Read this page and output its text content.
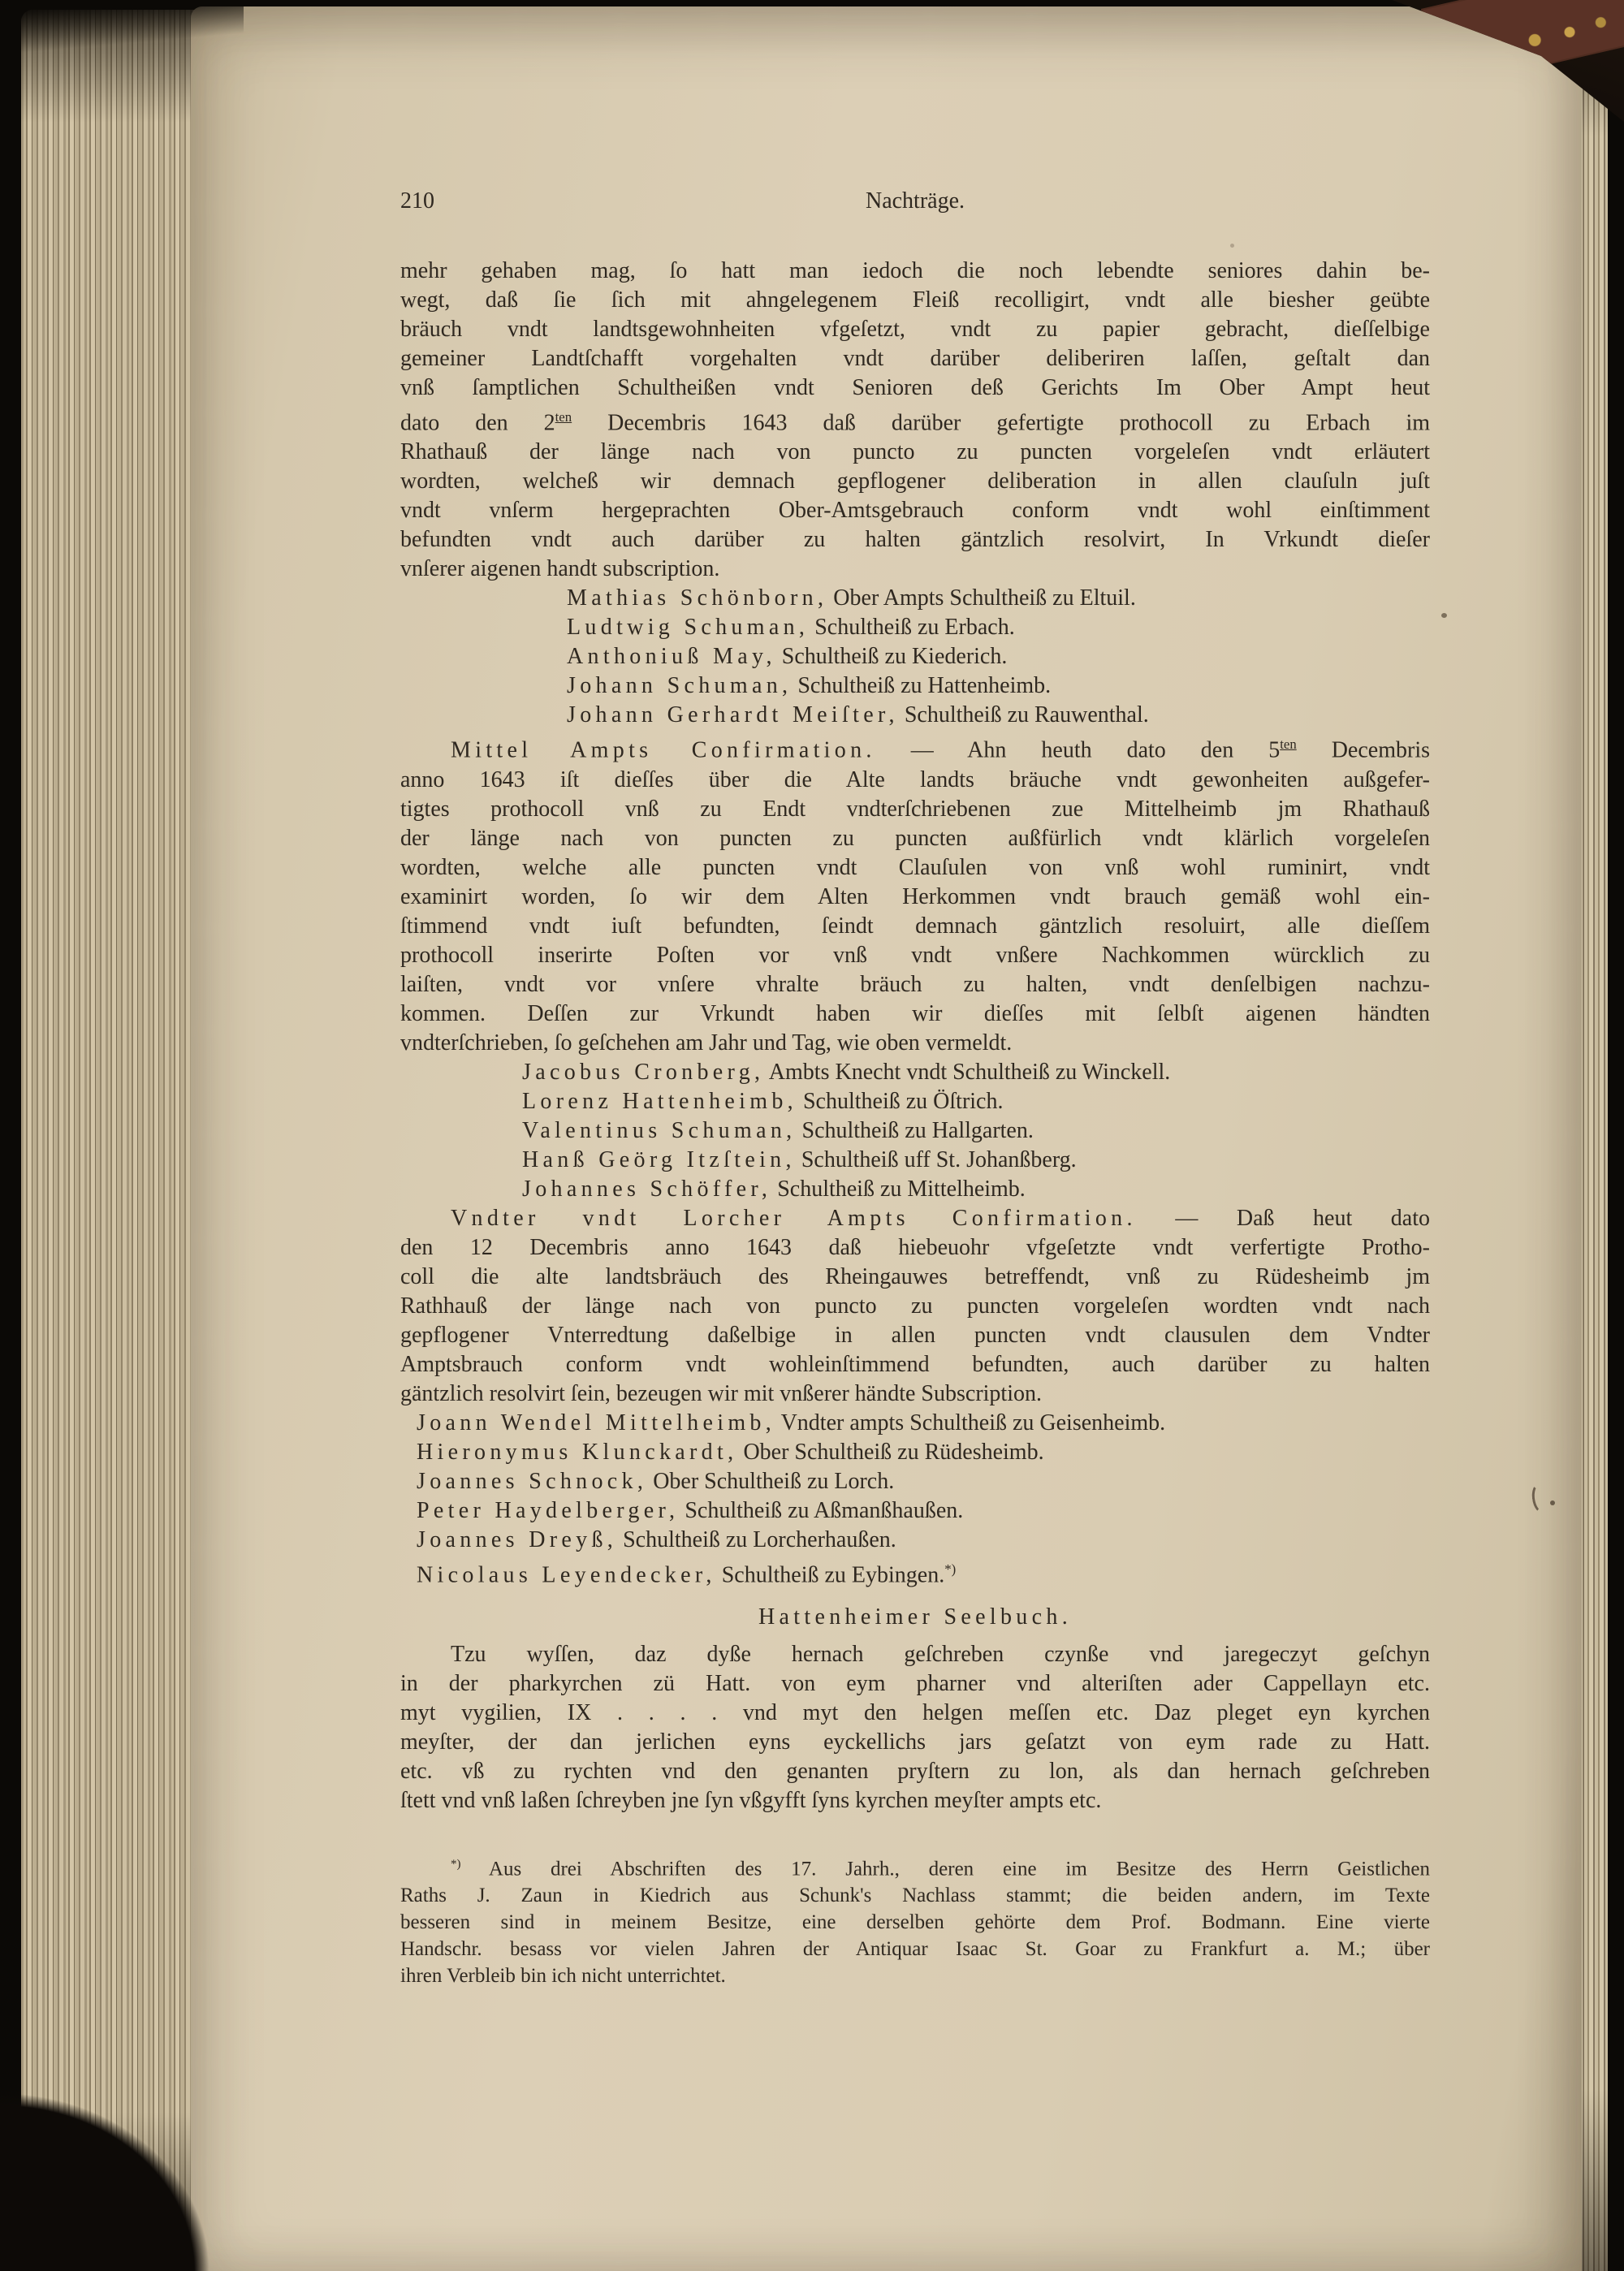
210	Nachträge.
mehr gehaben mag, ſo hatt man iedoch die noch lebendte seniores dahin be-
wegt, daß ſie ſich mit ahngelegenem Fleiß recolligirt, vndt alle biesher geübte
bräuch vndt landtsgewohnheiten vfgeſetzt, vndt zu papier gebracht, dieſſelbige
gemeiner Landtſchafft vorgehalten vndt darüber deliberiren laſſen, geſtalt dan
vnß ſamptlichen Schultheißen vndt Senioren deß Gerichts Im Ober Ampt heut
dato den $2^{ten}$ Decembris 1643 daß darüber gefertigte prothocoll zu Erbach im
Rhathauß der länge nach von puncto zu puncten vorgeleſen vndt erläutert
wordten, welcheß wir demnach gepflogener deliberation in allen clauſuln juſt
vndt vnſerm hergeprachten Ober-Amtsgebrauch conform vndt wohl einſtimment
befundten vndt auch darüber zu halten gäntzlich resolvirt, In Vrkundt dieſer
vnſerer aigenen handt subscription.
Mathias Schönborn, Ober Ampts Schultheiß zu Eltuil.
Ludtwig Schuman, Schultheiß zu Erbach.
Anthoniuß May, Schultheiß zu Kiederich.
Johann Schuman, Schultheiß zu Hattenheimb.
Johann Gerhardt Meiſter, Schultheiß zu Rauwenthal.
Mittel Ampts Confirmation. — Ahn heuth dato den $5^{ten}$ Decembris
anno 1643 iſt dieſſes über die Alte landts bräuche vndt gewonheiten außgefer-
tigtes prothocoll vnß zu Endt vndterſchriebenen zue Mittelheimb jm Rhathauß
der länge nach von puncten zu puncten außfürlich vndt klärlich vorgeleſen
wordten, welche alle puncten vndt Clauſulen von vnß wohl ruminirt, vndt
examinirt worden, ſo wir dem Alten Herkommen vndt brauch gemäß wohl ein-
ſtimmend vndt iuſt befundten, ſeindt demnach gäntzlich resoluirt, alle dieſſem
prothocoll inserirte Poſten vor vnß vndt vnßere Nachkommen würcklich zu
laiſten, vndt vor vnſere vhralte bräuch zu halten, vndt denſelbigen nachzu-
kommen. Deſſen zur Vrkundt haben wir dieſſes mit ſelbſt aigenen händten
vndterſchrieben, ſo geſchehen am Jahr und Tag, wie oben vermeldt.
Jacobus Cronberg, Ambts Knecht vndt Schultheiß zu Winckell.
Lorenz Hattenheimb, Schultheiß zu Öſtrich.
Valentinus Schuman, Schultheiß zu Hallgarten.
Hanß Geörg Itzſtein, Schultheiß uff St. Johanßberg.
Johannes Schöffer, Schultheiß zu Mittelheimb.
Vndter vndt Lorcher Ampts Confirmation. — Daß heut dato
den 12 Decembris anno 1643 daß hiebeuohr vfgeſetzte vndt verfertigte Protho-
coll die alte landtsbräuch des Rheingauwes betreffendt, vnß zu Rüdesheimb jm
Rathhauß der länge nach von puncto zu puncten vorgeleſen wordten vndt nach
gepflogener Vnterredtung daßelbige in allen puncten vndt clausulen dem Vndter
Amptsbrauch conform vndt wohleinſtimmend befundten, auch darüber zu halten
gäntzlich resolvirt ſein, bezeugen wir mit vnßerer händte Subscription.
Joann Wendel Mittelheimb, Vndter ampts Schultheiß zu Geisenheimb.
Hieronymus Klunckardt, Ober Schultheiß zu Rüdesheimb.
Joannes Schnock, Ober Schultheiß zu Lorch.
Peter Haydelberger, Schultheiß zu Aßmanßhaußen.
Joannes Dreyß, Schultheiß zu Lorcherhaußen.
Nicolaus Leyendecker, Schultheiß zu Eybingen.*)
Hattenheimer Seelbuch.
Tzu wyſſen, daz dyße hernach geſchreben czynße vnd jaregeczyt geſchyn
in der pharkyrchen zü Hatt. von eym pharner vnd alteriſten ader Cappellayn etc.
myt vygilien, IX . . . . vnd myt den helgen meſſen etc. Daz pleget eyn kyrchen
meyſter, der dan jerlichen eyns eyckellichs jars geſatzt von eym rade zu Hatt.
etc. vß zu rychten vnd den genanten pryſtern zu lon, als dan hernach geſchreben
ſtett vnd vnß laßen ſchreyben jne ſyn vßgyfft ſyns kyrchen meyſter ampts etc.
*) Aus drei Abschriften des 17. Jahrh., deren eine im Besitze des Herrn Geistlichen
Raths J. Zaun in Kiedrich aus Schunk's Nachlass stammt; die beiden andern, im Texte
besseren sind in meinem Besitze, eine derselben gehörte dem Prof. Bodmann. Eine vierte
Handschr. besass vor vielen Jahren der Antiquar Isaac St. Goar zu Frankfurt a. M.; über
ihren Verbleib bin ich nicht unterrichtet.
